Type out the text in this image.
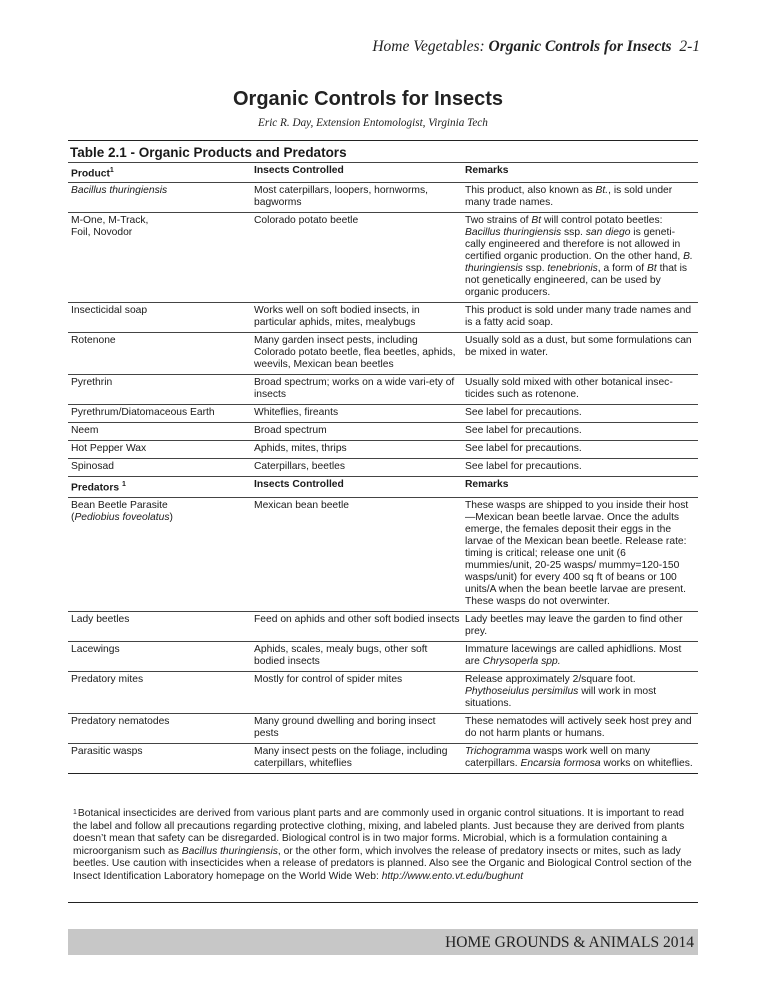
Home Vegetables: Organic Controls for Insects 2-1
Organic Controls for Insects
Eric R. Day, Extension Entomologist, Virginia Tech
Table 2.1 - Organic Products and Predators
Product$^1$	Insects Controlled	Remarks
Bacillus thuringiensis	Most caterpillars, loopers, hornworms, bagworms	This product, also known as Bt., is sold under many trade names.
M-One, M-Track,
Foil, Novodor	Colorado potato beetle	Two strains of Bt will control potato beetles: Bacillus thuringiensis ssp. san diego is geneti-cally engineered and therefore is not allowed in certified organic production. On the other hand, B. thuringiensis ssp. tenebrionis, a form of Bt that is not genetically engineered, can be used by organic producers.
Insecticidal soap	Works well on soft bodied insects, in particular aphids, mites, mealybugs	This product is sold under many trade names and is a fatty acid soap.
Rotenone	Many garden insect pests, including Colorado potato beetle, flea beetles, aphids, weevils, Mexican bean beetles	Usually sold as a dust, but some formulations can be mixed in water.
Pyrethrin	Broad spectrum; works on a wide vari-ety of insects	Usually sold mixed with other botanical insec-ticides such as rotenone.
Pyrethrum/Diatomaceous Earth	Whiteflies, fireants	See label for precautions.
Neem	Broad spectrum	See label for precautions.
Hot Pepper Wax	Aphids, mites, thrips	See label for precautions.
Spinosad	Caterpillars, beetles	See label for precautions.
Predators $^1$	Insects Controlled	Remarks
Bean Beetle Parasite
(Pediobius foveolatus)	Mexican bean beetle	These wasps are shipped to you inside their host—Mexican bean beetle larvae. Once the adults emerge, the females deposit their eggs in the larvae of the Mexican bean beetle. Release rate: timing is critical; release one unit (6 mummies/unit, 20-25 wasps/ mummy=120-150 wasps/unit) for every 400 sq ft of beans or 100 units/A when the bean beetle larvae are present. These wasps do not overwinter.
Lady beetles	Feed on aphids and other soft bodied insects	Lady beetles may leave the garden to find other prey.
Lacewings	Aphids, scales, mealy bugs, other soft bodied insects	Immature lacewings are called aphidlions. Most are Chrysoperla spp.
Predatory mites	Mostly for control of spider mites	Release approximately 2/square foot. Phythoseiulus persimilus will work in most situations.
Predatory nematodes	Many ground dwelling and boring insect pests	These nematodes will actively seek host prey and do not harm plants or humans.
Parasitic wasps	Many insect pests on the foliage, including caterpillars, whiteflies	Trichogramma wasps work well on many caterpillars. Encarsia formosa works on whiteflies.
$^1$Botanical insecticides are derived from various plant parts and are commonly used in organic control situations. It is important to read the label and follow all precautions regarding protective clothing, mixing, and labeled plants. Just because they are derived from plants doesn’t mean that safety can be disregarded. Biological control is in two major forms. Microbial, which is a formulation containing a microorganism such as Bacillus thuringiensis, or the other form, which involves the release of predatory insects or mites, such as lady beetles. Use caution with insecticides when a release of predators is planned. Also see the Organic and Biological Control section of the Insect Identification Laboratory homepage on the World Wide Web: http://www.ento.vt.edu/bughunt
HOME GROUNDS & ANIMALS 2014
